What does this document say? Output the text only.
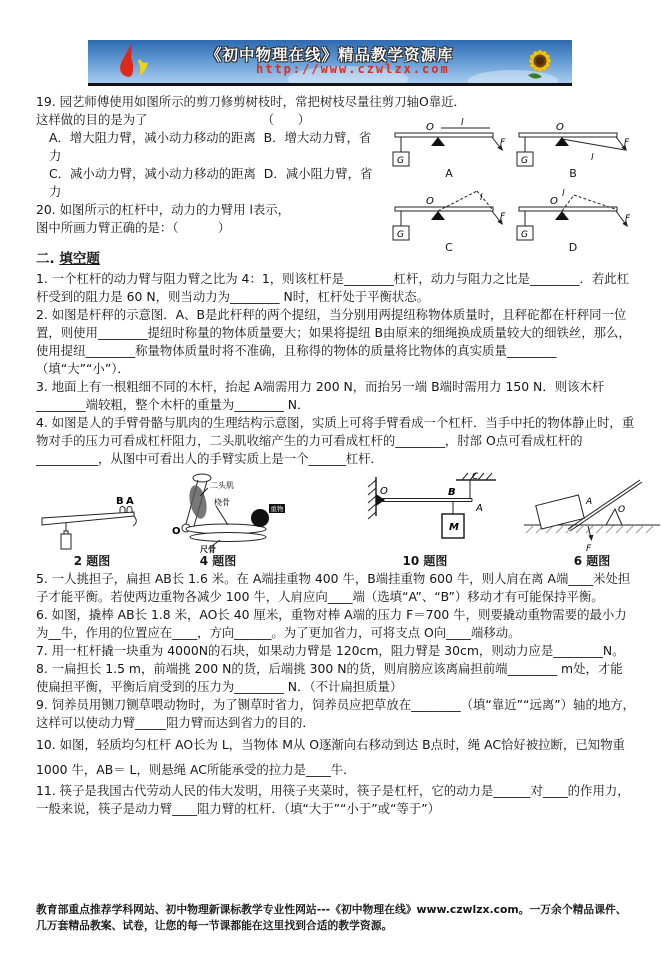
《初中物理在线》精品教学资源库
http://www.czwlzx.com

19. 园艺师傅使用如图所示的剪刀修剪树枝时，常把树枝尽量往剪刀轴O靠近．

G
F
O	l
A
G
F
O
l
B
G
F
O	l
C
G
F
O
l
D

这样做的目的是为了                             （      ）

A．增大阻力臂，减小动力移动的距离  B．增大动力臂，省力

C．减小动力臂，减小动力移动的距离  D．减小阻力臂，省力

20. 如图所示的杠杆中，动力的力臂用 l表示，

图中所画力臂正确的是：（          ）

二. 填空题

1. 一个杠杆的动力臂与阻力臂之比为 4：1，则该杠杆是________杠杆，动力与阻力之比是________．若此杠杆受到的阻力是 60 N，则当动力为________ N时，杠杆处于平衡状态。

2. 如图是杆秤的示意图．A、B是此杆秤的两个提纽，当分别用两提纽称物体质量时，且秤砣都在杆秤同一位置，则使用________提纽时称量的物体质量要大；如果将提纽 B由原来的细绳换成质量较大的细铁丝，那么，使用提纽________称量物体质量时将不准确，且称得的物体的质量将比物体的真实质量________（填“大”“小”）．

3. 地面上有一根粗细不同的木杆，抬起 A端需用力 200 N，而抬另一端 B端时需用力 150 N．则该木杆________端较粗，整个木杆的重量为________ N．

4. 如图是人的手臂骨骼与肌肉的生理结构示意图，实质上可将手臂看成一个杠杆．当手中托的物体静止时，重物对手的压力可看成杠杆阻力，二头肌收缩产生的力可看成杠杆的________，肘部 O点可看成杠杆的__________，从图中可看出人的手臂实质上是一个______杠杆．

B A
2 题图
重物
二头肌
桡骨
尺骨
O
4 题图
C
O	B
A
M
10 题图
A
O
F
6 题图

5. 一人挑担子，扁担 AB长 1.6 米。在 A端挂重物 400 牛，B端挂重物 600 牛，则人肩在离 A端____米处担子才能平衡。若使两边重物各减少 100 牛，人肩应向____端（选填“A”、“B”）移动才有可能保持平衡。

6. 如图，撬棒 AB长 1.8 米，AO长 40 厘米，重物对棒 A端的压力 F＝700 牛，则要撬动重物需要的最小力为__牛，作用的位置应在____，方向______。为了更加省力，可将支点 O向____端移动。

7. 用一杠杆撬一块重为 4000N的石块，如果动力臂是 120cm，阻力臂是 30cm，则动力应是________N。

8. 一扁担长 1.5 m，前端挑 200 N的货，后端挑 300 N的货，则肩膀应该离扁担前端________ m处，才能使扁担平衡，平衡后肩受到的压力为________ N．（不计扁担质量）

9. 饲养员用铡刀铡草喂动物时，为了铡草时省力，饲养员应把草放在________（填“靠近”“远离”）轴的地方，这样可以使动力臂_____阻力臂而达到省力的目的．

10. 如图，轻质均匀杠杆 AO长为 L，当物体 M从 O逐渐向右移动到达 B点时，绳 AC恰好被拉断，已知物重 1000 牛，AB＝ L，则悬绳 AC所能承受的拉力是____牛．

11. 筷子是我国古代劳动人民的伟大发明，用筷子夹菜时，筷子是杠杆，它的动力是______对____的作用力，一般来说，筷子是动力臂____阻力臂的杠杆．（填“大于”“小于”或“等于”）

教育部重点推荐学科网站、初中物理新课标教学专业性网站---《初中物理在线》www.czwlzx.com。一万余个精品课件、几万套精品教案、试卷，让您的每一节课都能在这里找到合适的教学资源。
